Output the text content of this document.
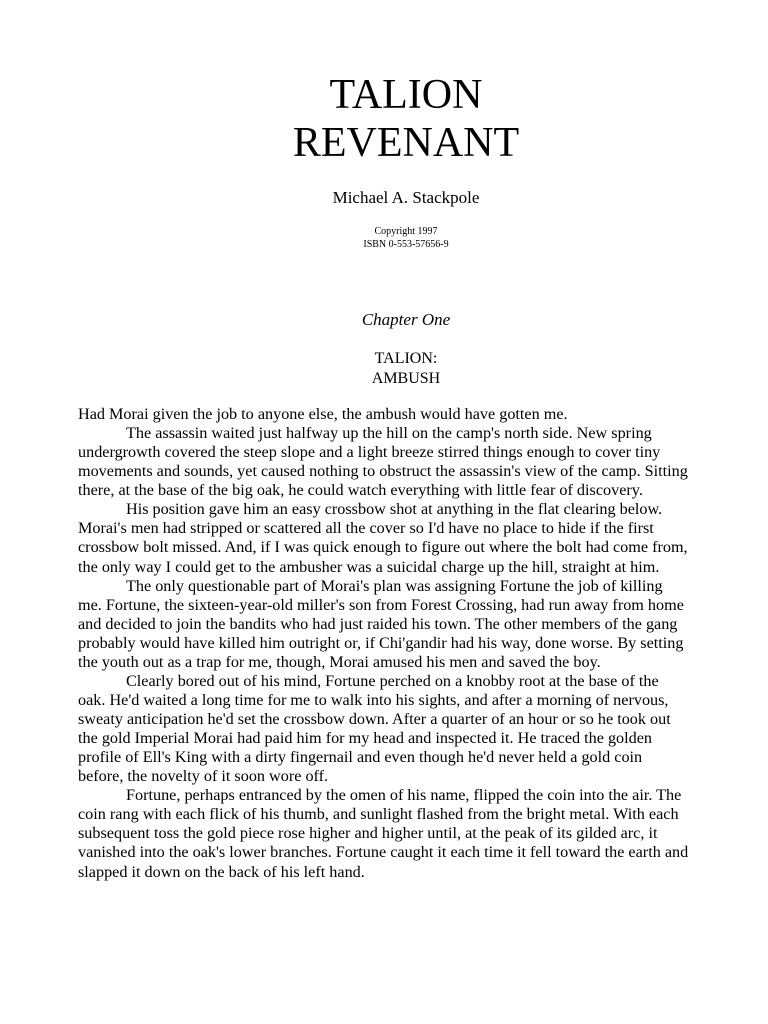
TALION
REVENANT
Michael A. Stackpole
Copyright 1997
ISBN 0-553-57656-9
Chapter One
TALION:
AMBUSH

Had Morai given the job to anyone else, the ambush would have gotten me.

The assassin waited just halfway up the hill on the camp's north side. New spring undergrowth covered the steep slope and a light breeze stirred things enough to cover tiny movements and sounds, yet caused nothing to obstruct the assassin's view of the camp. Sitting there, at the base of the big oak, he could watch everything with little fear of discovery.

His position gave him an easy crossbow shot at anything in the flat clearing below. Morai's men had stripped or scattered all the cover so I'd have no place to hide if the first crossbow bolt missed. And, if I was quick enough to figure out where the bolt had come from, the only way I could get to the ambusher was a suicidal charge up the hill, straight at him.

The only questionable part of Morai's plan was assigning Fortune the job of killing me. Fortune, the sixteen-year-old miller's son from Forest Crossing, had run away from home and decided to join the bandits who had just raided his town. The other members of the gang probably would have killed him outright or, if Chi'gandir had his way, done worse. By setting the youth out as a trap for me, though, Morai amused his men and saved the boy.

Clearly bored out of his mind, Fortune perched on a knobby root at the base of the oak. He'd waited a long time for me to walk into his sights, and after a morning of nervous, sweaty anticipation he'd set the crossbow down. After a quarter of an hour or so he took out the gold Imperial Morai had paid him for my head and inspected it. He traced the golden profile of Ell's King with a dirty fingernail and even though he'd never held a gold coin before, the novelty of it soon wore off.

Fortune, perhaps entranced by the omen of his name, flipped the coin into the air. The coin rang with each flick of his thumb, and sunlight flashed from the bright metal. With each subsequent toss the gold piece rose higher and higher until, at the peak of its gilded arc, it vanished into the oak's lower branches. Fortune caught it each time it fell toward the earth and slapped it down on the back of his left hand.
